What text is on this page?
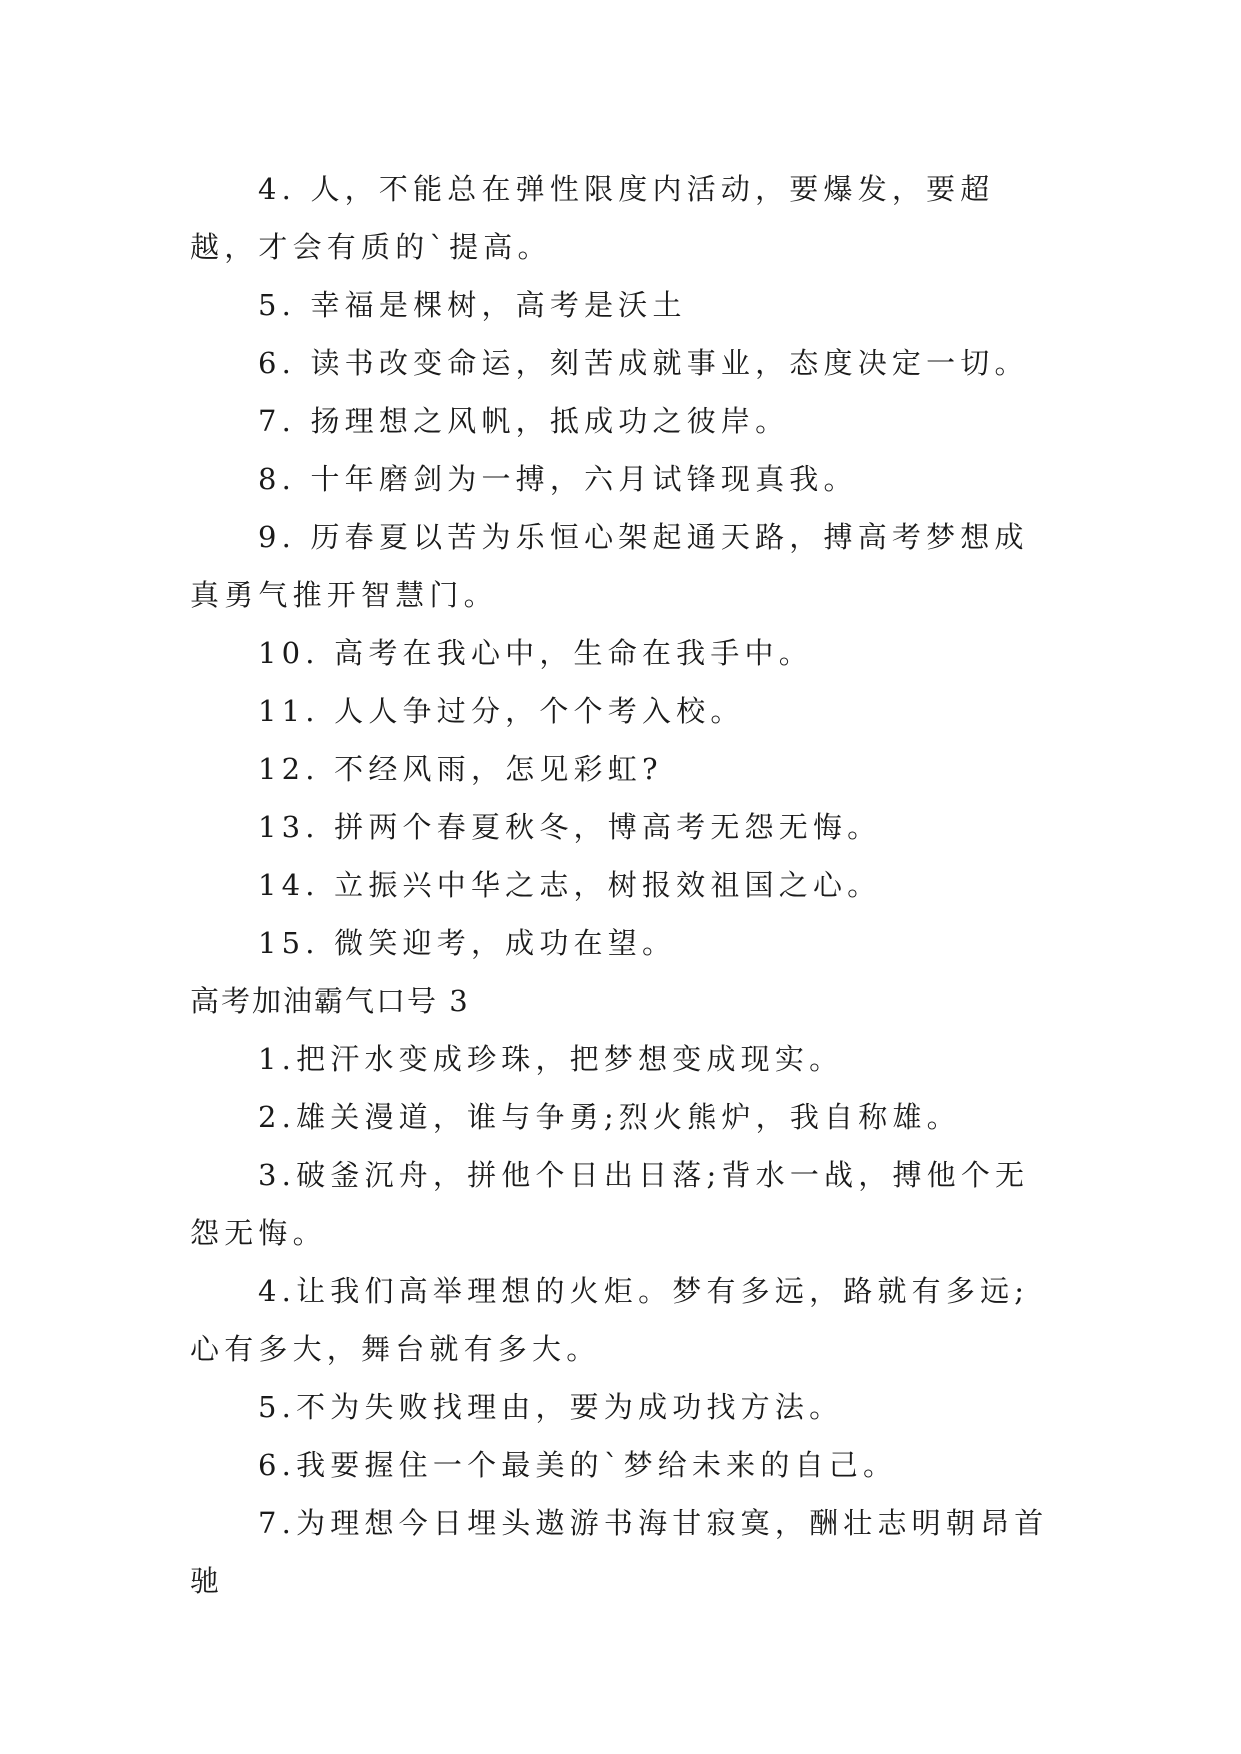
4. 人，不能总在弹性限度内活动，要爆发，要超越，才会有质的`提高。

5. 幸福是棵树，高考是沃土

6. 读书改变命运，刻苦成就事业，态度决定一切。

7. 扬理想之风帆，抵成功之彼岸。

8. 十年磨剑为一搏，六月试锋现真我。

9. 历春夏以苦为乐恒心架起通天路，搏高考梦想成真勇气推开智慧门。

10. 高考在我心中，生命在我手中。

11. 人人争过分，个个考入校。

12. 不经风雨，怎见彩虹?

13. 拼两个春夏秋冬，博高考无怨无悔。

14. 立振兴中华之志，树报效祖国之心。

15. 微笑迎考，成功在望。

高考加油霸气口号 3

1.把汗水变成珍珠，把梦想变成现实。

2.雄关漫道，谁与争勇;烈火熊炉，我自称雄。

3.破釜沉舟，拼他个日出日落;背水一战，搏他个无怨无悔。

4.让我们高举理想的火炬。梦有多远，路就有多远;心有多大，舞台就有多大。

5.不为失败找理由，要为成功找方法。

6.我要握住一个最美的`梦给未来的自己。

7.为理想今日埋头遨游书海甘寂寞，酬壮志明朝昂首驰
